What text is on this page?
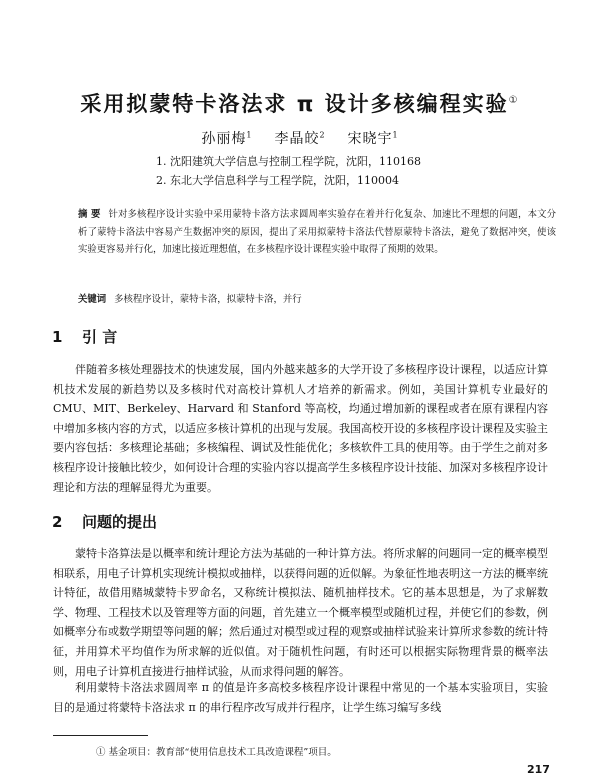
采用拟蒙特卡洛法求 π 设计多核编程实验①
孙丽梅$^1$ 李晶皎$^2$ 宋晓宇$^1$
1. 沈阳建筑大学信息与控制工程学院，沈阳，110168
2. 东北大学信息科学与工程学院，沈阳，110004
摘 要 针对多核程序设计实验中采用蒙特卡洛方法求圆周率实验存在着并行化复杂、加速比不理想的问题，本文分析了蒙特卡洛法中容易产生数据冲突的原因，提出了采用拟蒙特卡洛法代替原蒙特卡洛法，避免了数据冲突，使该实验更容易并行化，加速比接近理想值，在多核程序设计课程实验中取得了预期的效果。
关键词 多核程序设计，蒙特卡洛，拟蒙特卡洛，并行
1 引 言
伴随着多核处理器技术的快速发展，国内外越来越多的大学开设了多核程序设计课程，以适应计算机技术发展的新趋势以及多核时代对高校计算机人才培养的新需求。例如，美国计算机专业最好的 CMU、MIT、Berkeley、Harvard 和 Stanford 等高校，均通过增加新的课程或者在原有课程内容中增加多核内容的方式，以适应多核计算机的出现与发展。我国高校开设的多核程序设计课程及实验主要内容包括：多核理论基础；多核编程、调试及性能优化；多核软件工具的使用等。由于学生之前对多核程序设计接触比较少，如何设计合理的实验内容以提高学生多核程序设计技能、加深对多核程序设计理论和方法的理解显得尤为重要。
2 问题的提出
蒙特卡洛算法是以概率和统计理论方法为基础的一种计算方法。将所求解的问题同一定的概率模型相联系，用电子计算机实现统计模拟或抽样，以获得问题的近似解。为象征性地表明这一方法的概率统计特征，故借用赌城蒙特卡罗命名，又称统计模拟法、随机抽样技术。它的基本思想是，为了求解数学、物理、工程技术以及管理等方面的问题，首先建立一个概率模型或随机过程，并使它们的参数，例如概率分布或数学期望等问题的解；然后通过对模型或过程的观察或抽样试验来计算所求参数的统计特征，并用算术平均值作为所求解的近似值。对于随机性问题，有时还可以根据实际物理背景的概率法则，用电子计算机直接进行抽样试验，从而求得问题的解答。
利用蒙特卡洛法求圆周率 π 的值是许多高校多核程序设计课程中常见的一个基本实验项目，实验目的是通过将蒙特卡洛法求 π 的串行程序改写成并行程序，让学生练习编写多线
① 基金项目：教育部“使用信息技术工具改造课程”项目。
217
